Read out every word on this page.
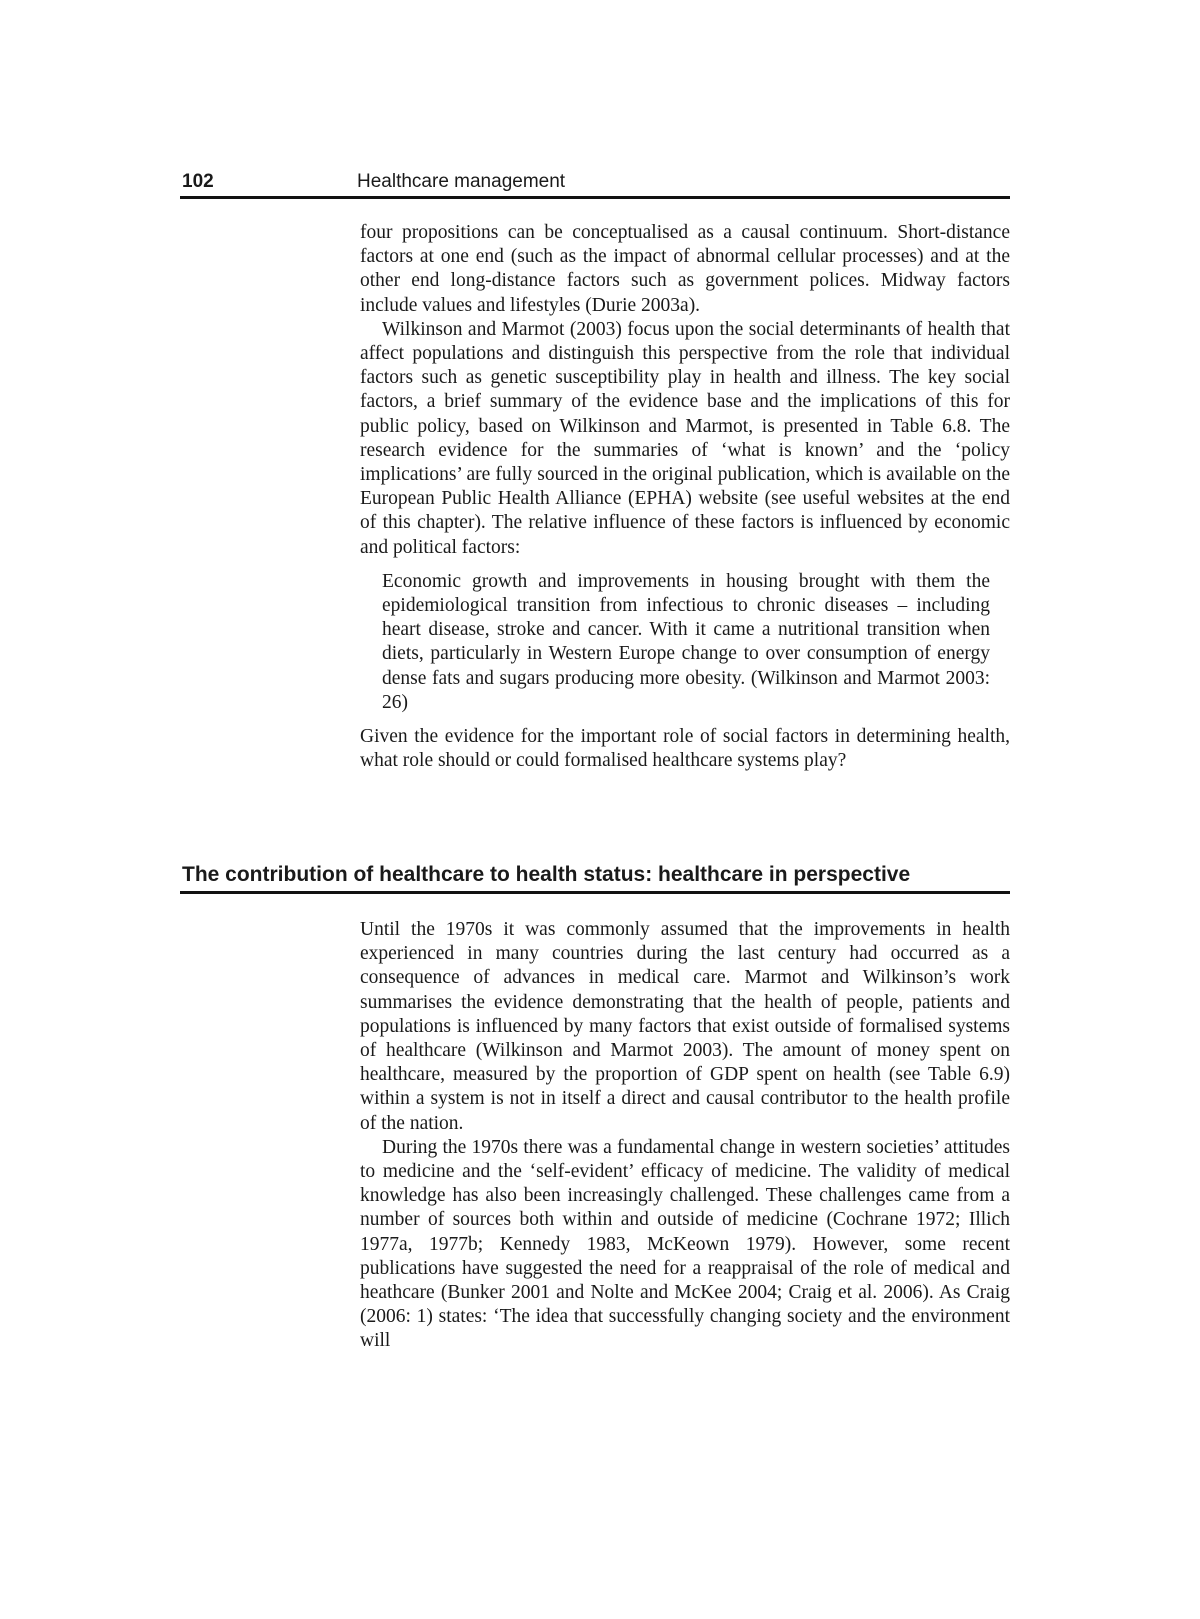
102	Healthcare management

four propositions can be conceptualised as a causal continuum. Short-distance factors at one end (such as the impact of abnormal cellular processes) and at the other end long-distance factors such as government polices. Midway factors include values and lifestyles (Durie 2003a).

Wilkinson and Marmot (2003) focus upon the social determinants of health that affect populations and distinguish this perspective from the role that individual factors such as genetic susceptibility play in health and illness. The key social factors, a brief summary of the evidence base and the implications of this for public policy, based on Wilkinson and Marmot, is presented in Table 6.8. The research evidence for the summaries of ‘what is known’ and the ‘policy implications’ are fully sourced in the original publication, which is available on the European Public Health Alliance (EPHA) website (see useful websites at the end of this chapter). The relative influence of these factors is influenced by economic and political factors:

Economic growth and improvements in housing brought with them the epidemiological transition from infectious to chronic diseases – including heart disease, stroke and cancer. With it came a nutritional transition when diets, particularly in Western Europe change to over consumption of energy dense fats and sugars producing more obesity. (Wilkinson and Marmot 2003: 26)

Given the evidence for the important role of social factors in determining health, what role should or could formalised healthcare systems play?

The contribution of healthcare to health status: healthcare in perspective

Until the 1970s it was commonly assumed that the improvements in health experienced in many countries during the last century had occurred as a consequence of advances in medical care. Marmot and Wilkinson’s work summarises the evidence demonstrating that the health of people, patients and populations is influenced by many factors that exist outside of formalised systems of healthcare (Wilkinson and Marmot 2003). The amount of money spent on healthcare, measured by the proportion of GDP spent on health (see Table 6.9) within a system is not in itself a direct and causal contributor to the health profile of the nation.

During the 1970s there was a fundamental change in western societies’ attitudes to medicine and the ‘self-evident’ efficacy of medicine. The validity of medical knowledge has also been increasingly challenged. These challenges came from a number of sources both within and outside of medicine (Cochrane 1972; Illich 1977a, 1977b; Kennedy 1983, McKeown 1979). However, some recent publications have suggested the need for a reappraisal of the role of medical and heathcare (Bunker 2001 and Nolte and McKee 2004; Craig et al. 2006). As Craig (2006: 1) states: ‘The idea that successfully changing society and the environment will
